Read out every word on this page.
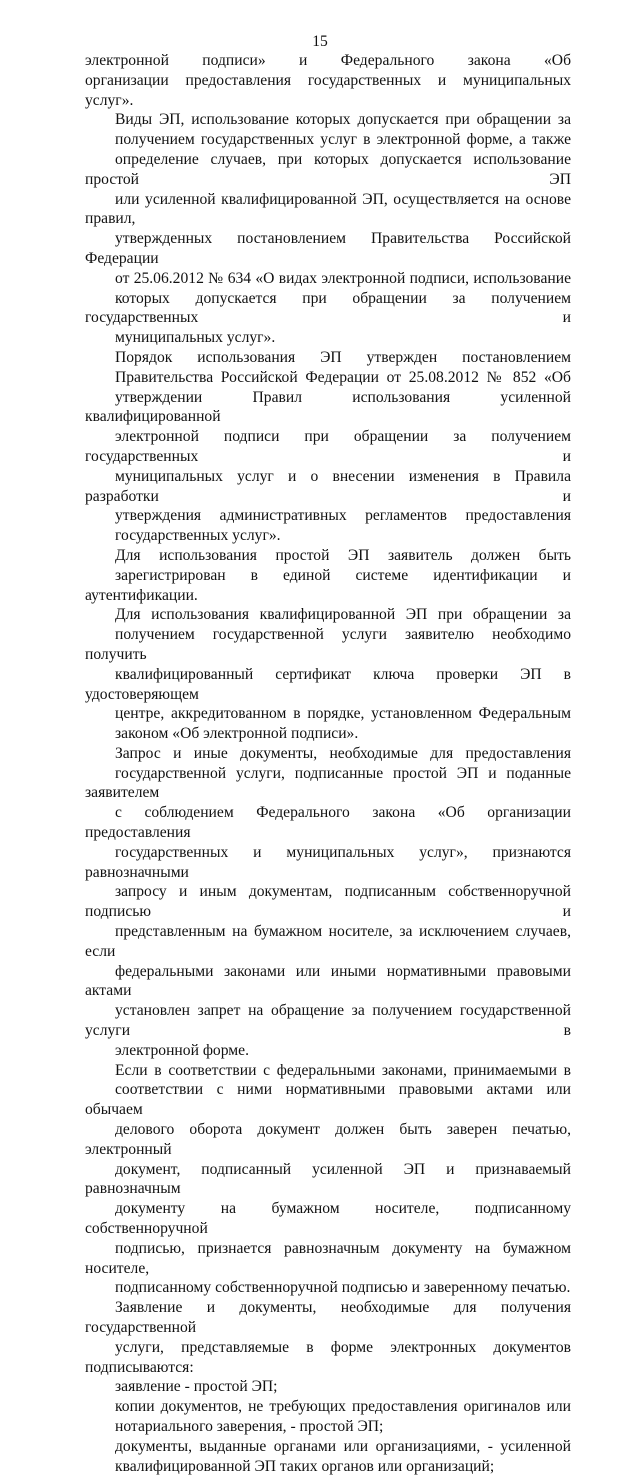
15
электронной подписи» и Федерального закона «Об
организации предоставления государственных и муниципальных услуг».
Виды ЭП, использование которых допускается при обращении за
получением государственных услуг в электронной форме, а также
определение случаев, при которых допускается использование простой ЭП
или усиленной квалифицированной ЭП, осуществляется на основе правил,
утвержденных постановлением Правительства Российской Федерации
от 25.06.2012 № 634 «О видах электронной подписи, использование
которых допускается при обращении за получением государственных и
муниципальных услуг».
Порядок использования ЭП утвержден постановлением
Правительства Российской Федерации от 25.08.2012 № 852 «Об
утверждении Правил использования усиленной квалифицированной
электронной подписи при обращении за получением государственных и
муниципальных услуг и о внесении изменения в Правила разработки и
утверждения административных регламентов предоставления
государственных услуг».
Для использования простой ЭП заявитель должен быть
зарегистрирован в единой системе идентификации и аутентификации.
Для использования квалифицированной ЭП при обращении за
получением государственной услуги заявителю необходимо получить
квалифицированный сертификат ключа проверки ЭП в удостоверяющем
центре, аккредитованном в порядке, установленном Федеральным
законом «Об электронной подписи».
Запрос и иные документы, необходимые для предоставления
государственной услуги, подписанные простой ЭП и поданные заявителем
с соблюдением Федерального закона «Об организации предоставления
государственных и муниципальных услуг», признаются равнозначными
запросу и иным документам, подписанным собственноручной подписью и
представленным на бумажном носителе, за исключением случаев, если
федеральными законами или иными нормативными правовыми актами
установлен запрет на обращение за получением государственной услуги в
электронной форме.
Если в соответствии с федеральными законами, принимаемыми в
соответствии с ними нормативными правовыми актами или обычаем
делового оборота документ должен быть заверен печатью, электронный
документ, подписанный усиленной ЭП и признаваемый равнозначным
документу на бумажном носителе, подписанному собственноручной
подписью, признается равнозначным документу на бумажном носителе,
подписанному собственноручной подписью и заверенному печатью.
Заявление и документы, необходимые для получения государственной
услуги, представляемые в форме электронных документов подписываются:
заявление - простой ЭП;
копии документов, не требующих предоставления оригиналов или
нотариального заверения, - простой ЭП;
документы, выданные органами или организациями, - усиленной
квалифицированной ЭП таких органов или организаций;
